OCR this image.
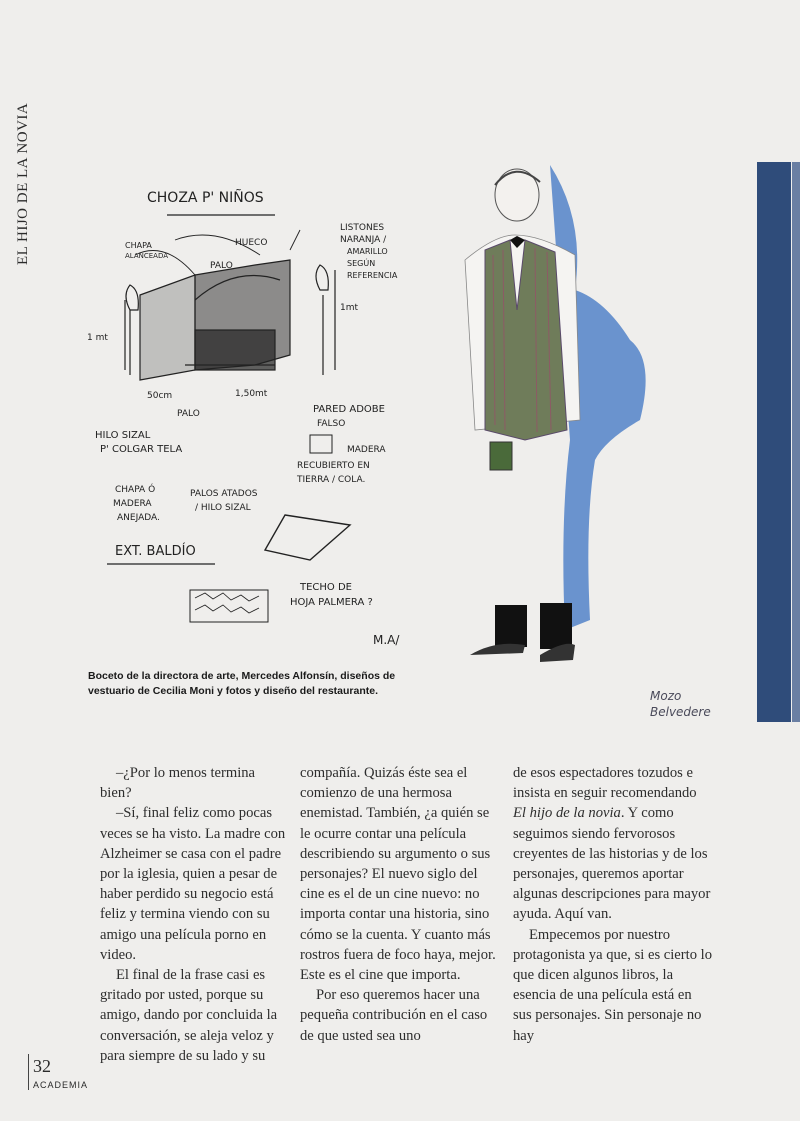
EL HIJO DE LA NOVIA	CHOZA P' NIÑOS
CHAPA
ALANCEADA
HUECO
PALO
LISTONES
NARANJA /
AMARILLO
SEGÚN
REFERENCIA
1 mt
1mt
50cm	1,50mt
PALO
HILO SIZAL
P' COLGAR TELA
PARED ADOBE
FALSO
MADERA
RECUBIERTO EN
TIERRA / COLA.
CHAPA Ó
MADERA
ANEJADA.
PALOS ATADOS
/ HILO SIZAL
EXT. BALDÍO
TECHO DE
HOJA PALMERA ?
M.A/
Mozo
Belvedere
Boceto de la directora de arte, Mercedes Alfonsín, diseños de vestuario de Cecilia Moni y fotos y diseño del restaurante.

–¿Por lo menos termina bien?

–Sí, final feliz como pocas veces se ha visto. La madre con Alzheimer se casa con el padre por la iglesia, quien a pesar de haber perdido su negocio está feliz y termina viendo con su amigo una película porno en video.

El final de la frase casi es gritado por usted, porque su amigo, dando por concluida la conversación, se aleja veloz y para siempre de su lado y su

compañía. Quizás éste sea el comienzo de una hermosa enemistad. También, ¿a quién se le ocurre contar una película describiendo su argumento o sus personajes? El nuevo siglo del cine es el de un cine nuevo: no importa contar una historia, sino cómo se la cuenta. Y cuanto más rostros fuera de foco haya, mejor. Este es el cine que importa.

Por eso queremos hacer una pequeña contribución en el caso de que usted sea uno

de esos espectadores tozudos e insista en seguir recomendando El hijo de la novia. Y como seguimos siendo fervorosos creyentes de las historias y de los personajes, queremos aportar algunas descripciones para mayor ayuda. Aquí van.

Empecemos por nuestro protagonista ya que, si es cierto lo que dicen algunos libros, la esencia de una película está en sus personajes. Sin personaje no hay

32
ACADEMIA
